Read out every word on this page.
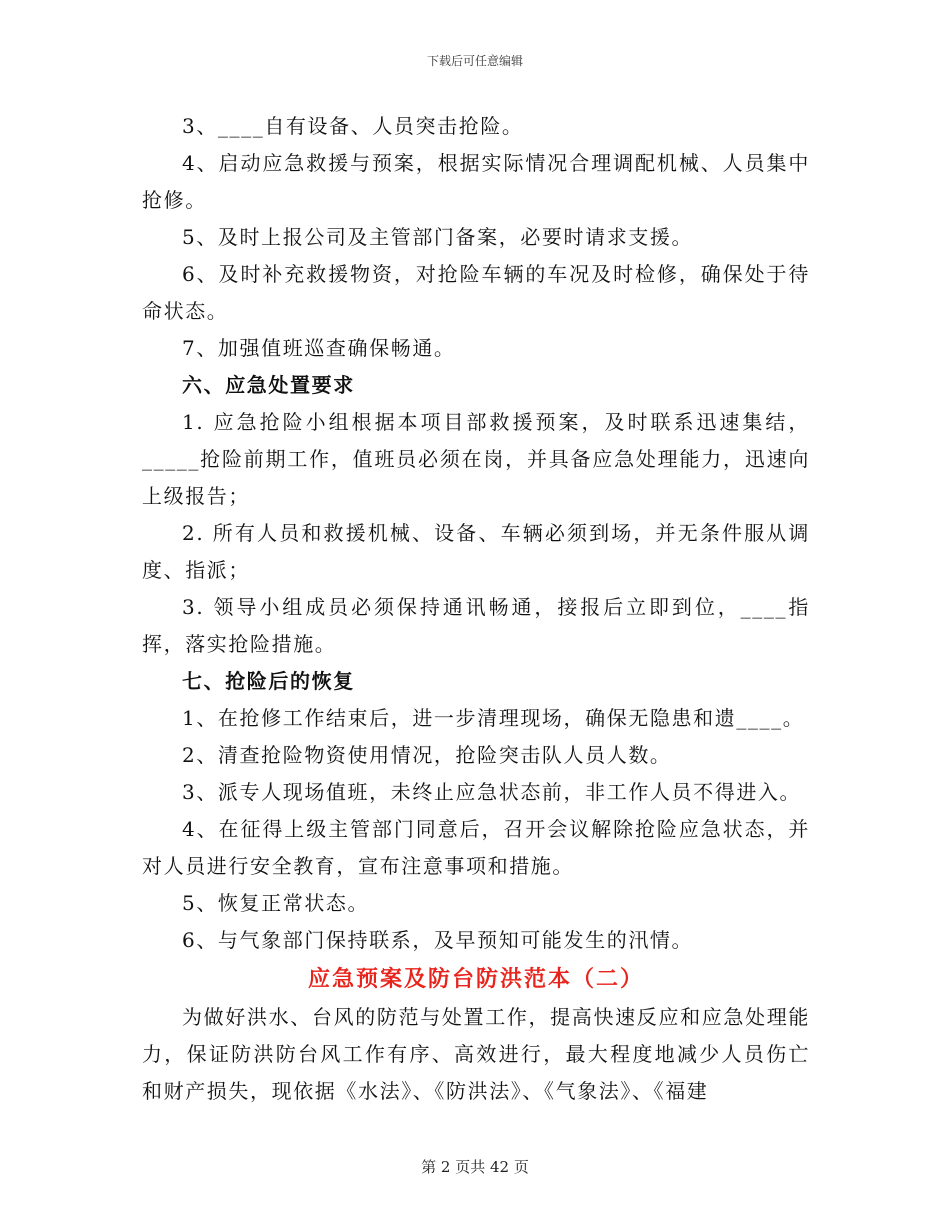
下载后可任意编辑

3、____自有设备、人员突击抢险。

4、启动应急救援与预案，根据实际情况合理调配机械、人员集中抢修。

5、及时上报公司及主管部门备案，必要时请求支援。

6、及时补充救援物资，对抢险车辆的车况及时检修，确保处于待命状态。

7、加强值班巡查确保畅通。

六、应急处置要求

1. 应急抢险小组根据本项目部救援预案，及时联系迅速集结，_____抢险前期工作，值班员必须在岗，并具备应急处理能力，迅速向上级报告；

2. 所有人员和救援机械、设备、车辆必须到场，并无条件服从调度、指派；

3. 领导小组成员必须保持通讯畅通，接报后立即到位，____指挥，落实抢险措施。

七、抢险后的恢复

1、在抢修工作结束后，进一步清理现场，确保无隐患和遗____。

2、清查抢险物资使用情况，抢险突击队人员人数。

3、派专人现场值班，未终止应急状态前，非工作人员不得进入。

4、在征得上级主管部门同意后，召开会议解除抢险应急状态，并对人员进行安全教育，宣布注意事项和措施。

5、恢复正常状态。

6、与气象部门保持联系，及早预知可能发生的汛情。

应急预案及防台防洪范本（二）

为做好洪水、台风的防范与处置工作，提高快速反应和应急处理能力，保证防洪防台风工作有序、高效进行，最大程度地减少人员伤亡和财产损失，现依据《水法》、《防洪法》、《气象法》、《福建

第 2 页共 42 页
